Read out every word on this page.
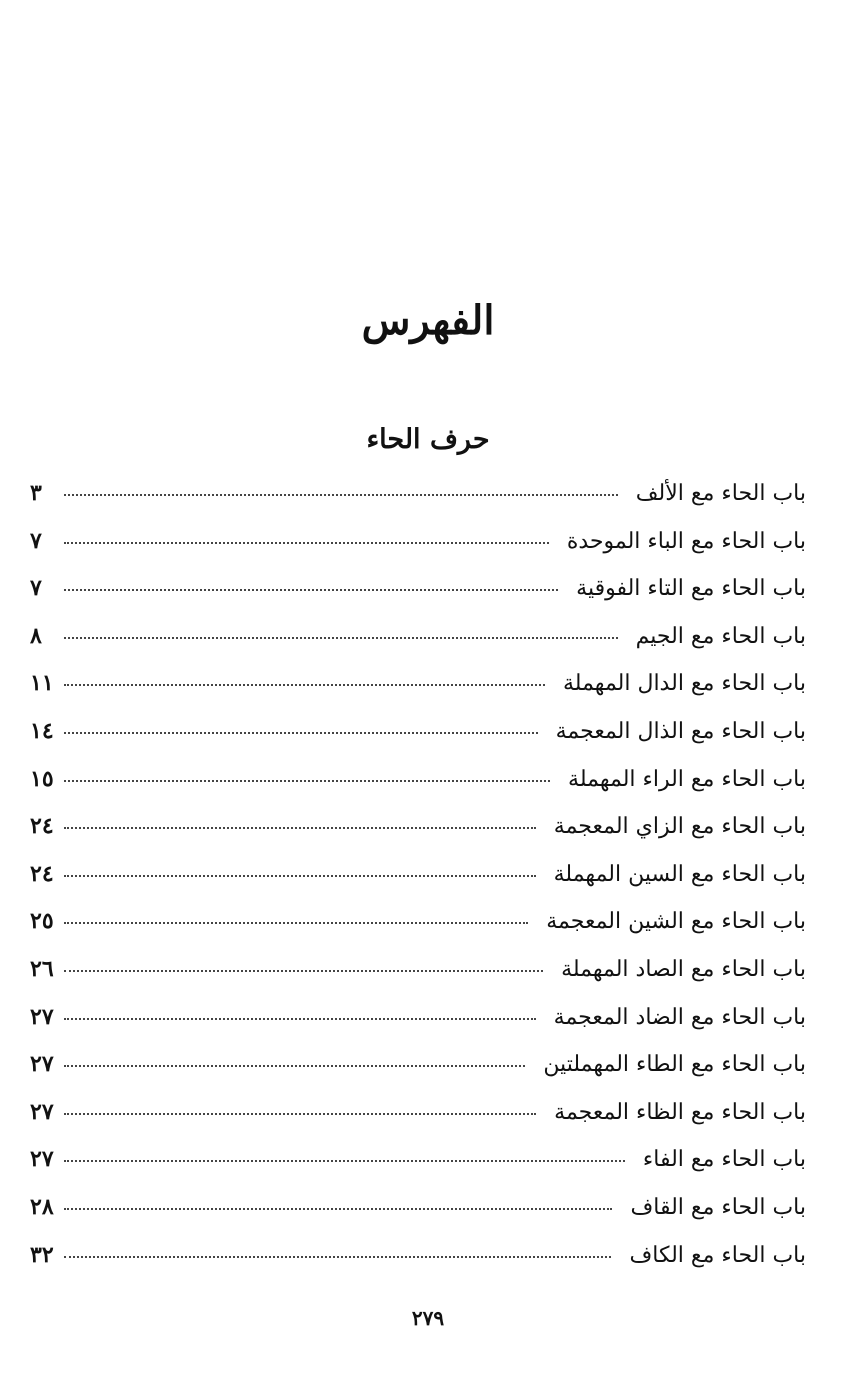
الفهرس
حرف الحاء
باب الحاء مع الألف
٣
باب الحاء مع الباء الموحدة
٧
باب الحاء مع التاء الفوقية
٧
باب الحاء مع الجيم
٨
باب الحاء مع الدال المهملة
١١
باب الحاء مع الذال المعجمة
١٤
باب الحاء مع الراء المهملة
١٥
باب الحاء مع الزاي المعجمة
٢٤
باب الحاء مع السين المهملة
٢٤
باب الحاء مع الشين المعجمة
٢٥
باب الحاء مع الصاد المهملة
٢٦
باب الحاء مع الضاد المعجمة
٢٧
باب الحاء مع الطاء المهملتين
٢٧
باب الحاء مع الظاء المعجمة
٢٧
باب الحاء مع الفاء
٢٧
باب الحاء مع القاف
٢٨
باب الحاء مع الكاف
٣٢
٢٧٩
